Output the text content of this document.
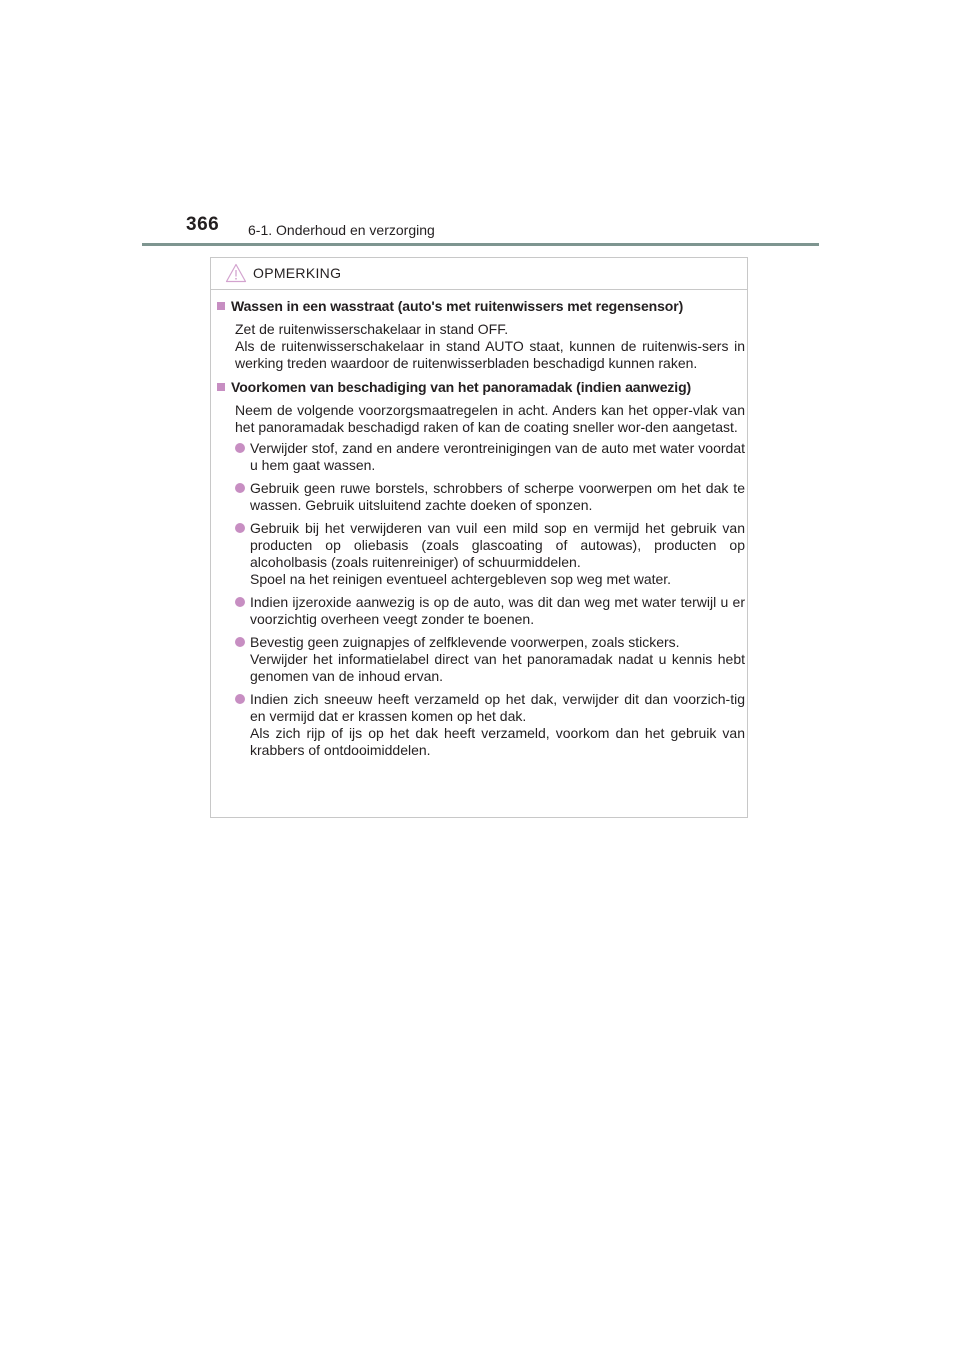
366 6-1. Onderhoud en verzorging
OPMERKING
Wassen in een wasstraat (auto's met ruitenwissers met regensensor)

Zet de ruitenwisserschakelaar in stand OFF.

Als de ruitenwisserschakelaar in stand AUTO staat, kunnen de ruitenwis-sers in werking treden waardoor de ruitenwisserbladen beschadigd kunnen raken.

Voorkomen van beschadiging van het panoramadak (indien aanwezig)

Neem de volgende voorzorgsmaatregelen in acht. Anders kan het opper-vlak van het panoramadak beschadigd raken of kan de coating sneller wor-den aangetast.

Verwijder stof, zand en andere verontreinigingen van de auto met water voordat u hem gaat wassen.

Gebruik geen ruwe borstels, schrobbers of scherpe voorwerpen om het dak te wassen. Gebruik uitsluitend zachte doeken of sponzen.

Gebruik bij het verwijderen van vuil een mild sop en vermijd het gebruik van producten op oliebasis (zoals glascoating of autowas), producten op alcoholbasis (zoals ruitenreiniger) of schuurmiddelen.

Spoel na het reinigen eventueel achtergebleven sop weg met water.

Indien ijzeroxide aanwezig is op de auto, was dit dan weg met water terwijl u er voorzichtig overheen veegt zonder te boenen.

Bevestig geen zuignapjes of zelfklevende voorwerpen, zoals stickers.

Verwijder het informatielabel direct van het panoramadak nadat u kennis hebt genomen van de inhoud ervan.

Indien zich sneeuw heeft verzameld op het dak, verwijder dit dan voorzich-tig en vermijd dat er krassen komen op het dak.

Als zich rijp of ijs op het dak heeft verzameld, voorkom dan het gebruik van krabbers of ontdooimiddelen.
